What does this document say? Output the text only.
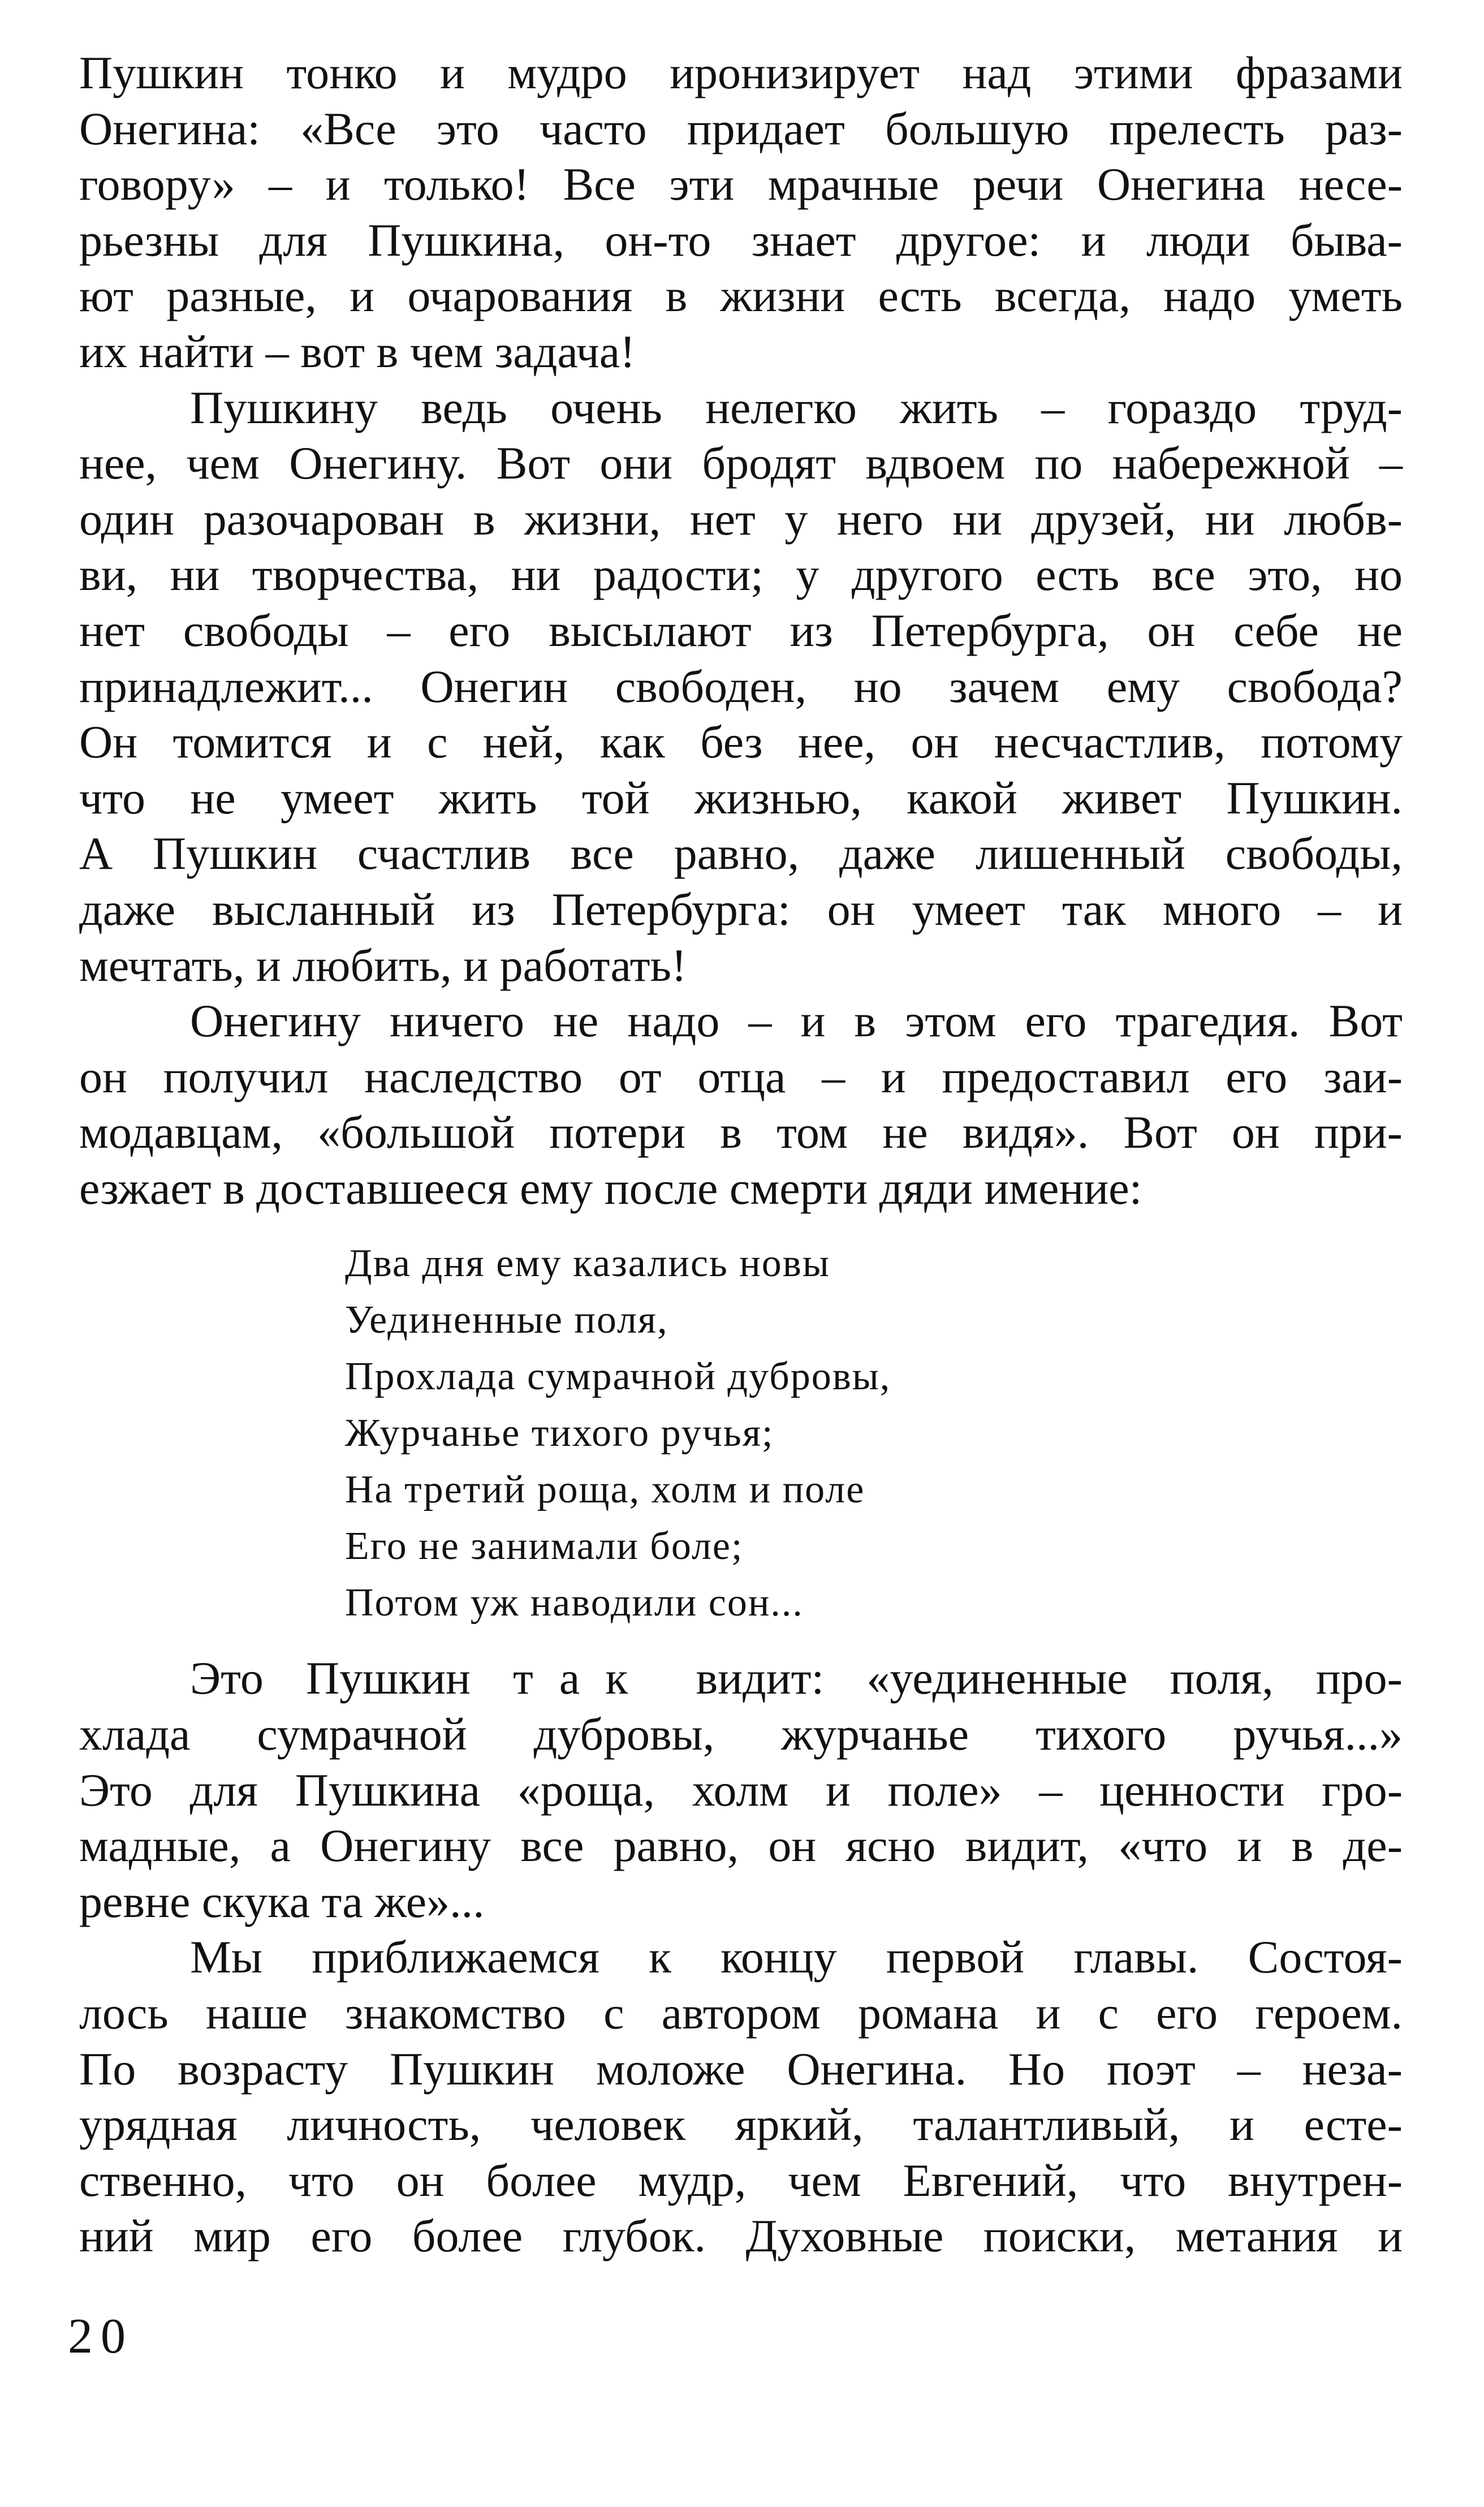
Пушкин тонко и мудро иронизирует над этими фразами
Онегина: «Все это часто придает большую прелесть раз-
говору» – и только! Все эти мрачные речи Онегина несе-
рьезны для Пушкина, он-то знает другое: и люди быва-
ют разные, и очарования в жизни есть всегда, надо уметь
их найти – вот в чем задача!

Пушкину ведь очень нелегко жить – гораздо труд-
нее, чем Онегину. Вот они бродят вдвоем по набережной –
один разочарован в жизни, нет у него ни друзей, ни любв-
ви, ни творчества, ни радости; у другого есть все это, но
нет свободы – его высылают из Петербурга, он себе не
принадлежит... Онегин свободен, но зачем ему свобода?
Он томится и с ней, как без нее, он несчастлив, потому
что не умеет жить той жизнью, какой живет Пушкин.
А Пушкин счастлив все равно, даже лишенный свободы,
даже высланный из Петербурга: он умеет так много – и
мечтать, и любить, и работать!

Онегину ничего не надо – и в этом его трагедия. Вот
он получил наследство от отца – и предоставил его заи-
модавцам, «большой потери в том не видя». Вот он при-
езжает в доставшееся ему после смерти дяди имение:

Два дня ему казались новы
Уединенные поля,
Прохлада сумрачной дубровы,
Журчанье тихого ручья;
На третий роща, холм и поле
Его не занимали боле;
Потом уж наводили сон...

Это Пушкин так видит: «уединенные поля, про-
хлада сумрачной дубровы, журчанье тихого ручья...»
Это для Пушкина «роща, холм и поле» – ценности гро-
мадные, а Онегину все равно, он ясно видит, «что и в де-
ревне скука та же»...

Мы приближаемся к концу первой главы. Состоя-
лось наше знакомство с автором романа и с его героем.
По возрасту Пушкин моложе Онегина. Но поэт – неза-
урядная личность, человек яркий, талантливый, и есте-
ственно, что он более мудр, чем Евгений, что внутрен-
ний мир его более глубок. Духовные поиски, метания и

20
